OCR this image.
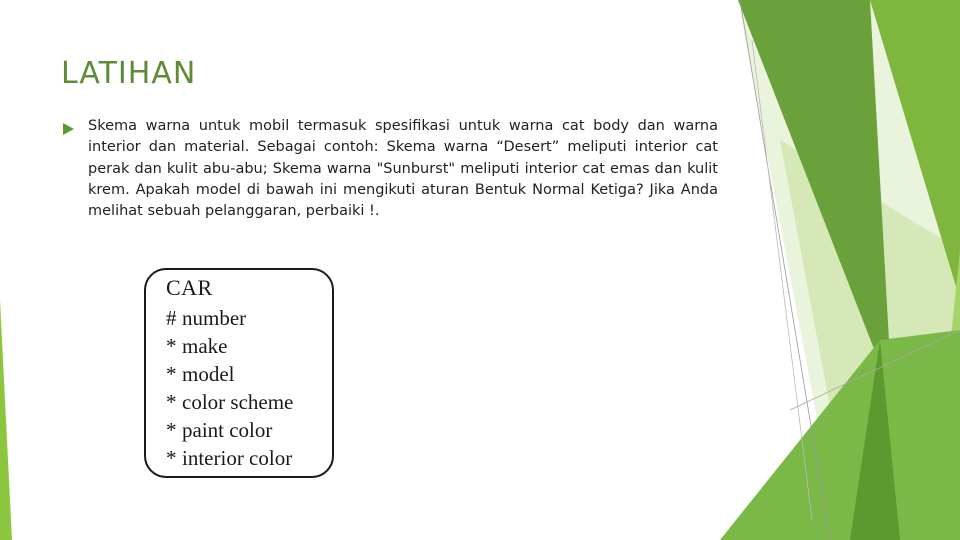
LATIHAN

Skema warna untuk mobil termasuk spesifikasi untuk warna cat body dan warna interior dan material. Sebagai contoh: Skema warna “Desert” meliputi interior cat perak dan kulit abu-abu; Skema warna "Sunburst" meliputi interior cat emas dan kulit krem. Apakah model di bawah ini mengikuti aturan Bentuk Normal Ketiga? Jika Anda melihat sebuah pelanggaran, perbaiki !.

CAR
# number
* make
* model
* color scheme
* paint color
* interior color
